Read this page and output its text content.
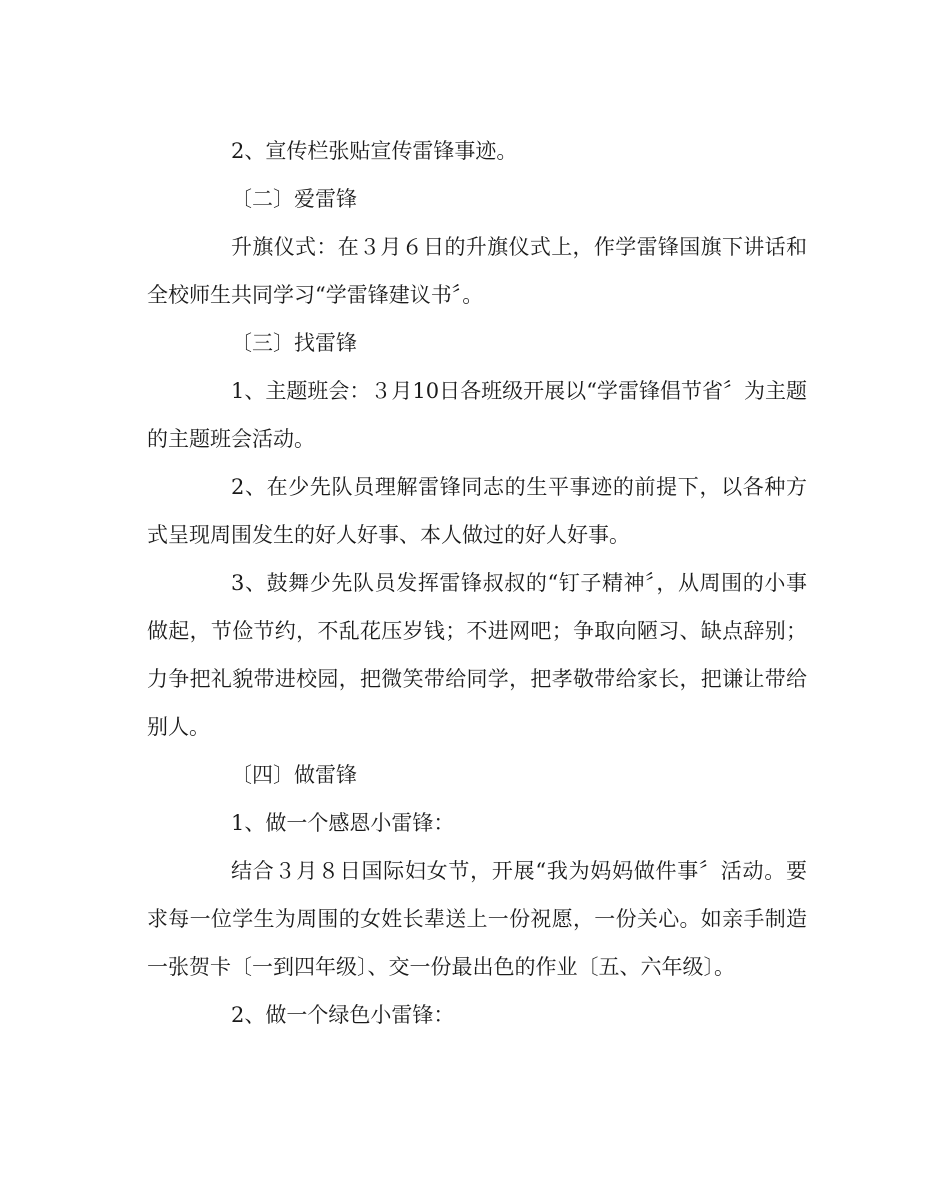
2、宣传栏张贴宣传雷锋事迹。

〔二〕爱雷锋

升旗仪式：在３月６日的升旗仪式上，作学雷锋国旗下讲话和全校师生共同学习“学雷锋建议书〞。

〔三〕找雷锋

1、主题班会：３月10日各班级开展以“学雷锋倡节省〞为主题的主题班会活动。

2、在少先队员理解雷锋同志的生平事迹的前提下，以各种方式呈现周围发生的好人好事、本人做过的好人好事。

3、鼓舞少先队员发挥雷锋叔叔的“钉子精神〞，从周围的小事做起，节俭节约，不乱花压岁钱；不进网吧；争取向陋习、缺点辞别；力争把礼貌带进校园，把微笑带给同学，把孝敬带给家长，把谦让带给别人。

〔四〕做雷锋

1、做一个感恩小雷锋：

结合３月８日国际妇女节，开展“我为妈妈做件事〞活动。要求每一位学生为周围的女姓长辈送上一份祝愿，一份关心。如亲手制造一张贺卡〔一到四年级〕、交一份最出色的作业〔五、六年级〕。

2、做一个绿色小雷锋：
